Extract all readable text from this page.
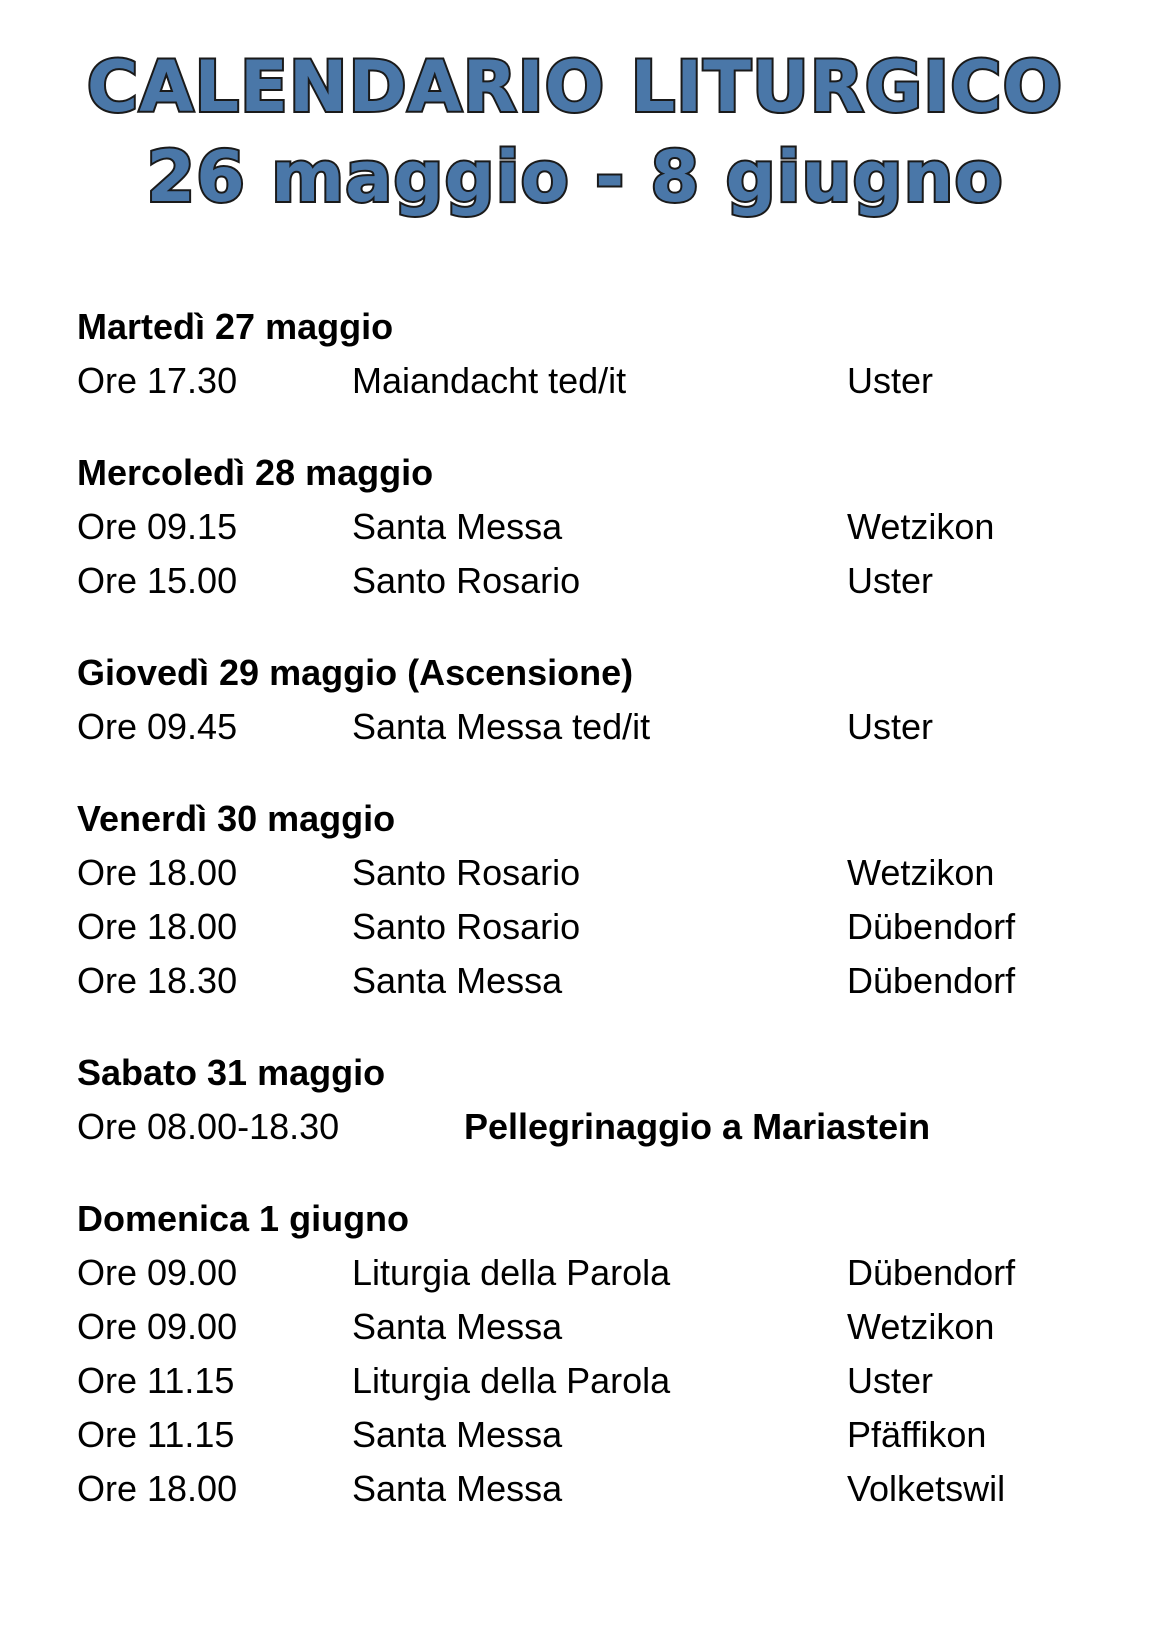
CALENDARIO LITURGICO
26 maggio - 8 giugno
Martedì 27 maggio
Ore 17.30	Maiandacht ted/it	Uster
Mercoledì 28 maggio
Ore 09.15	Santa Messa	Wetzikon
Ore 15.00	Santo Rosario	Uster
Giovedì 29 maggio (Ascensione)
Ore 09.45	Santa Messa ted/it	Uster
Venerdì 30 maggio
Ore 18.00	Santo Rosario	Wetzikon
Ore 18.00	Santo Rosario	Dübendorf
Ore 18.30	Santa Messa	Dübendorf
Sabato 31 maggio
Ore 08.00-18.30	Pellegrinaggio a Mariastein
Domenica 1 giugno
Ore 09.00	Liturgia della Parola	Dübendorf
Ore 09.00	Santa Messa	Wetzikon
Ore 11.15	Liturgia della Parola	Uster
Ore 11.15	Santa Messa	Pfäffikon
Ore 18.00	Santa Messa	Volketswil
